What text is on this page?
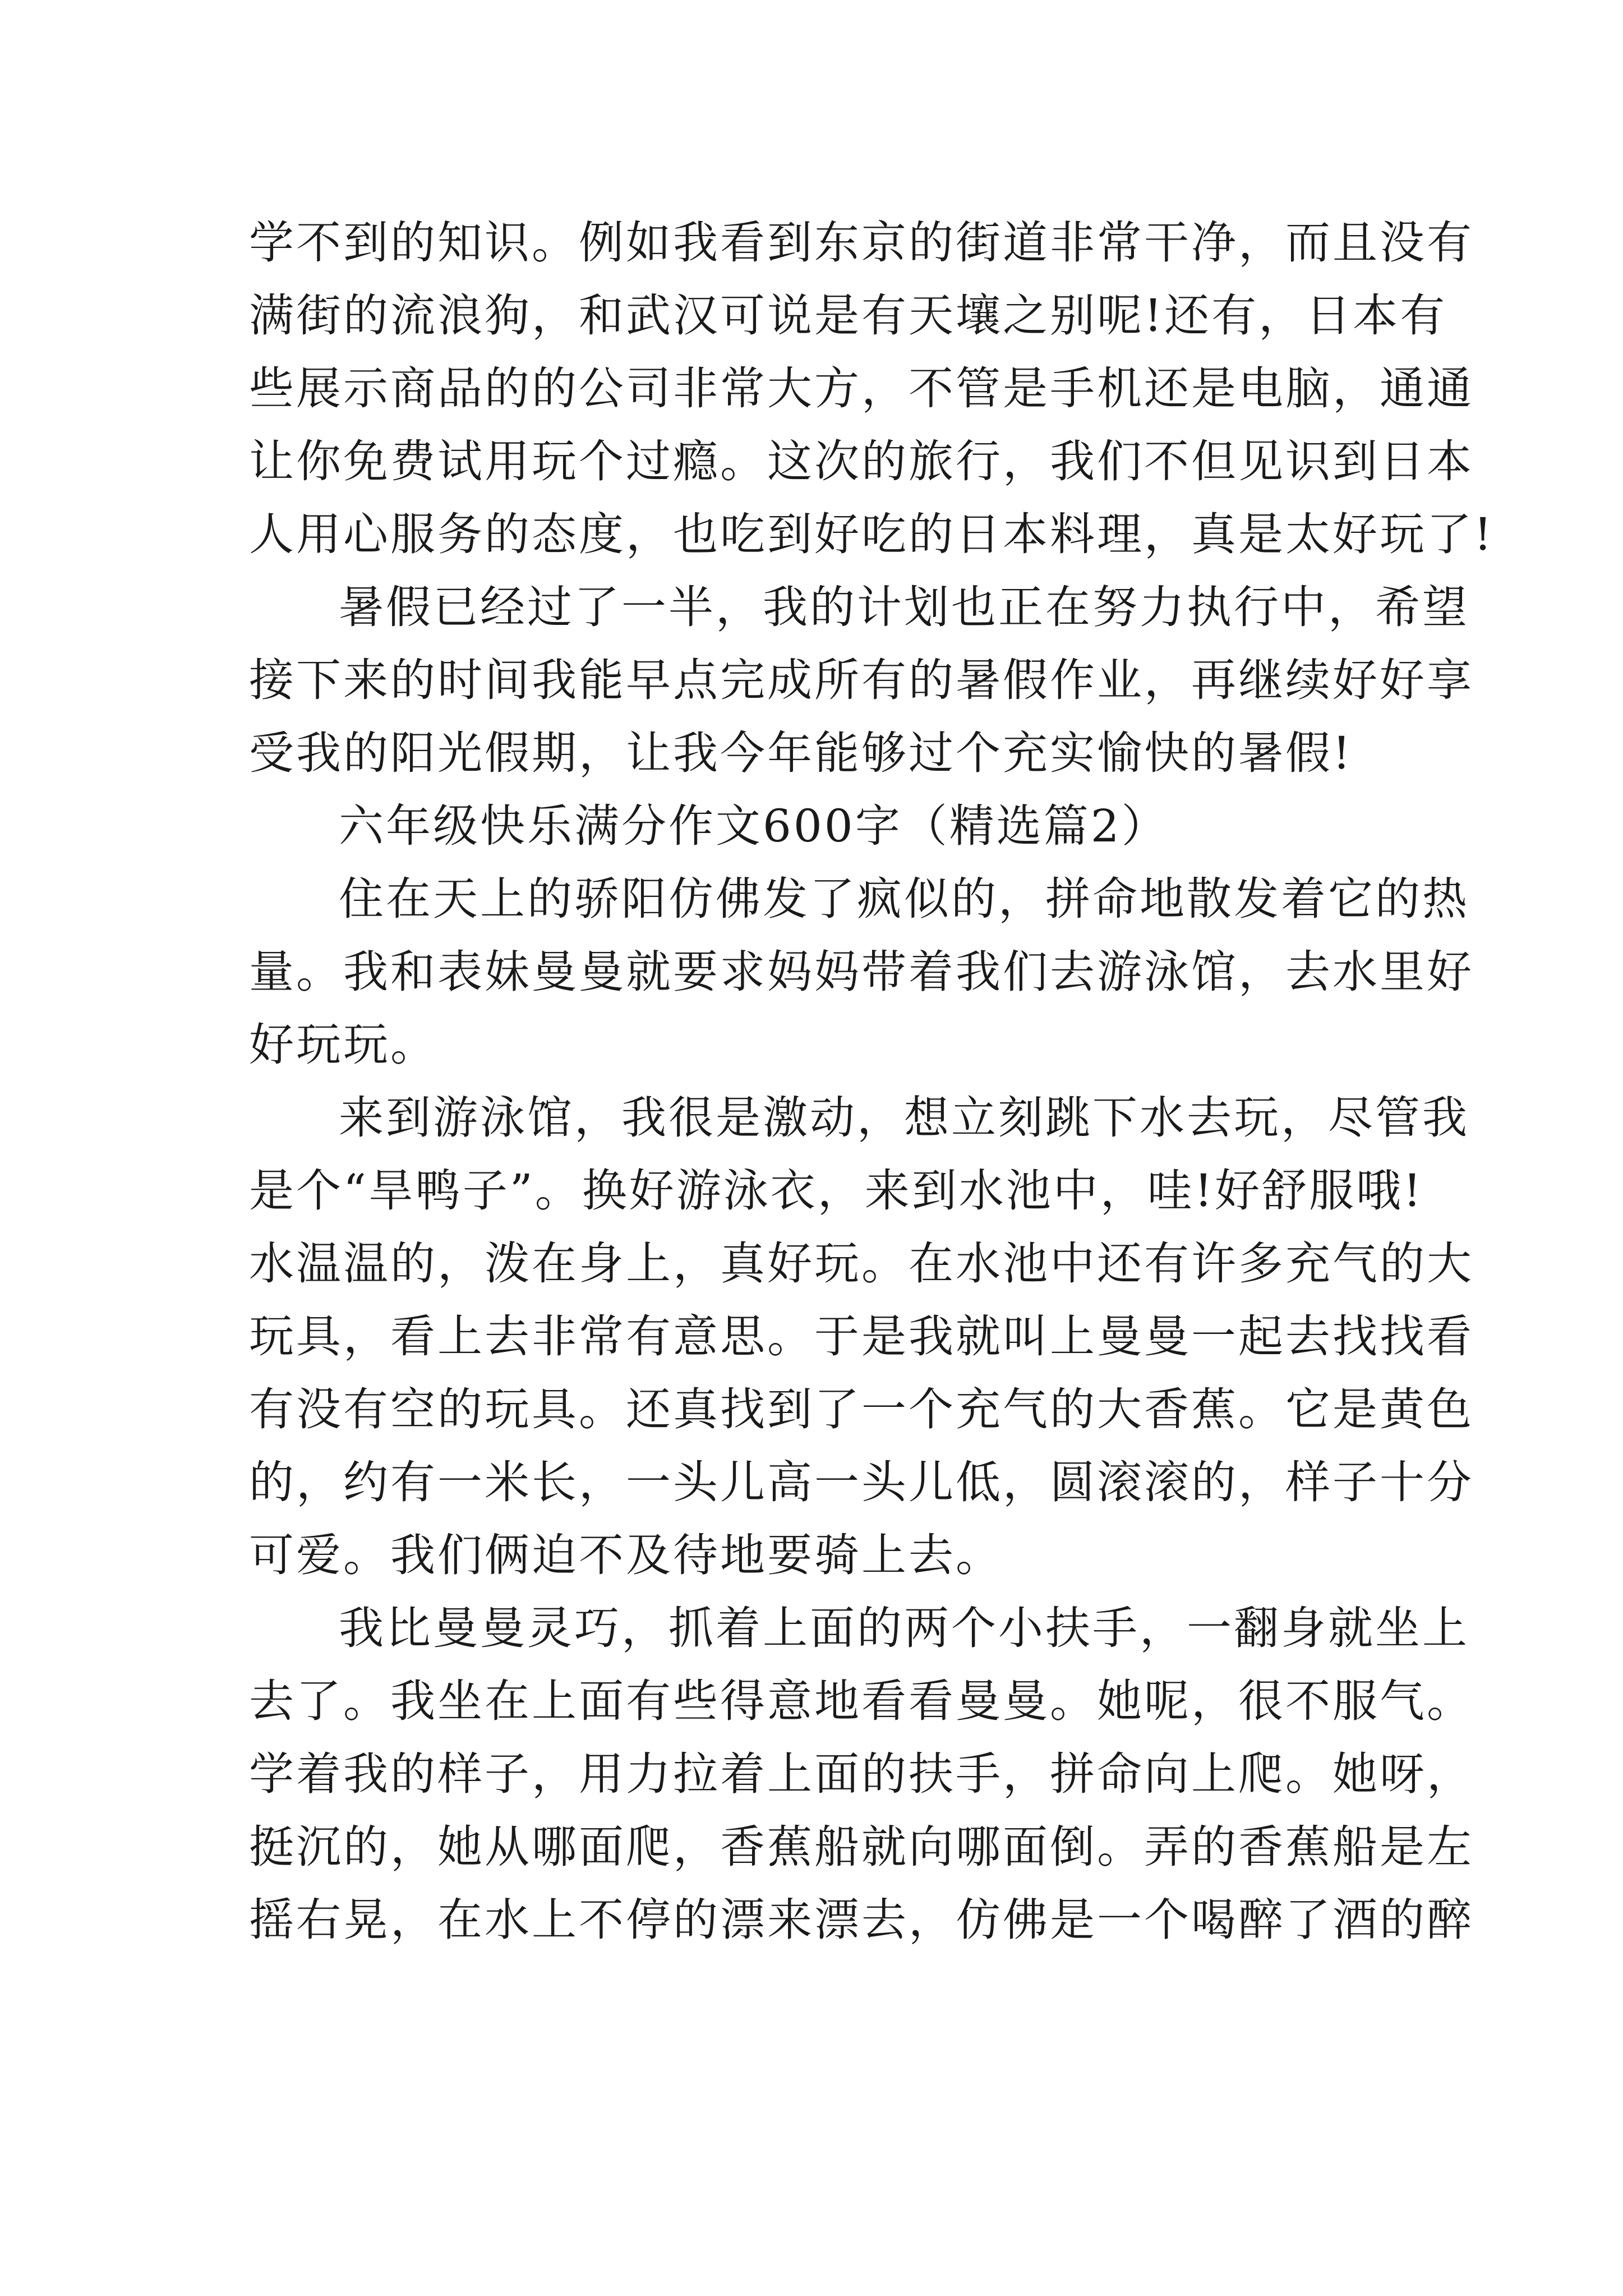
学不到的知识。例如我看到东京的街道非常干净，而且没有
满街的流浪狗，和武汉可说是有天壤之别呢!还有，日本有
些展示商品的的公司非常大方，不管是手机还是电脑，通通
让你免费试用玩个过瘾。这次的旅行，我们不但见识到日本
人用心服务的态度，也吃到好吃的日本料理，真是太好玩了!
暑假已经过了一半，我的计划也正在努力执行中，希望
接下来的时间我能早点完成所有的暑假作业，再继续好好享
受我的阳光假期，让我今年能够过个充实愉快的暑假!
六年级快乐满分作文600字（精选篇2）
住在天上的骄阳仿佛发了疯似的，拼命地散发着它的热
量。我和表妹曼曼就要求妈妈带着我们去游泳馆，去水里好
好玩玩。
来到游泳馆，我很是激动，想立刻跳下水去玩，尽管我
是个“旱鸭子”。换好游泳衣，来到水池中，哇!好舒服哦!
水温温的，泼在身上，真好玩。在水池中还有许多充气的大
玩具，看上去非常有意思。于是我就叫上曼曼一起去找找看
有没有空的玩具。还真找到了一个充气的大香蕉。它是黄色
的，约有一米长，一头儿高一头儿低，圆滚滚的，样子十分
可爱。我们俩迫不及待地要骑上去。
我比曼曼灵巧，抓着上面的两个小扶手，一翻身就坐上
去了。我坐在上面有些得意地看看曼曼。她呢，很不服气。
学着我的样子，用力拉着上面的扶手，拼命向上爬。她呀，
挺沉的，她从哪面爬，香蕉船就向哪面倒。弄的香蕉船是左
摇右晃，在水上不停的漂来漂去，仿佛是一个喝醉了酒的醉
